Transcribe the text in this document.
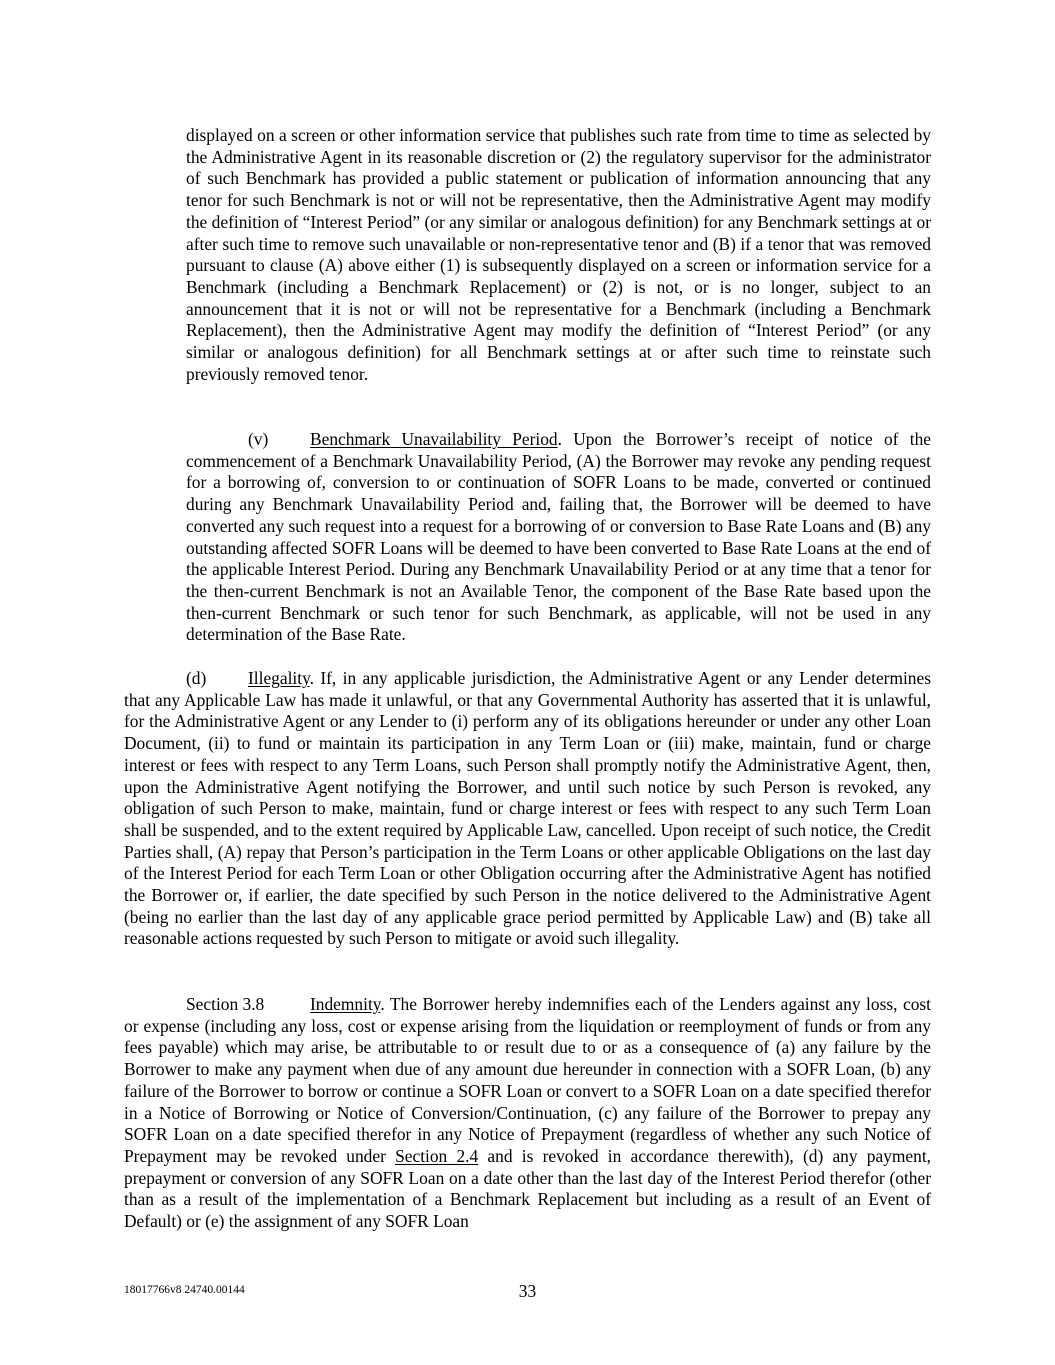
displayed on a screen or other information service that publishes such rate from time to time as selected by the Administrative Agent in its reasonable discretion or (2) the regulatory supervisor for the administrator of such Benchmark has provided a public statement or publication of information announcing that any tenor for such Benchmark is not or will not be representative, then the Administrative Agent may modify the definition of “Interest Period” (or any similar or analogous definition) for any Benchmark settings at or after such time to remove such unavailable or non-representative tenor and (B) if a tenor that was removed pursuant to clause (A) above either (1) is subsequently displayed on a screen or information service for a Benchmark (including a Benchmark Replacement) or (2) is not, or is no longer, subject to an announcement that it is not or will not be representative for a Benchmark (including a Benchmark Replacement), then the Administrative Agent may modify the definition of “Interest Period” (or any similar or analogous definition) for all Benchmark settings at or after such time to reinstate such previously removed tenor.

(v) Benchmark Unavailability Period. Upon the Borrower’s receipt of notice of the commencement of a Benchmark Unavailability Period, (A) the Borrower may revoke any pending request for a borrowing of, conversion to or continuation of SOFR Loans to be made, converted or continued during any Benchmark Unavailability Period and, failing that, the Borrower will be deemed to have converted any such request into a request for a borrowing of or conversion to Base Rate Loans and (B) any outstanding affected SOFR Loans will be deemed to have been converted to Base Rate Loans at the end of the applicable Interest Period. During any Benchmark Unavailability Period or at any time that a tenor for the then-current Benchmark is not an Available Tenor, the component of the Base Rate based upon the then-current Benchmark or such tenor for such Benchmark, as applicable, will not be used in any determination of the Base Rate.

(d) Illegality. If, in any applicable jurisdiction, the Administrative Agent or any Lender determines that any Applicable Law has made it unlawful, or that any Governmental Authority has asserted that it is unlawful, for the Administrative Agent or any Lender to (i) perform any of its obligations hereunder or under any other Loan Document, (ii) to fund or maintain its participation in any Term Loan or (iii) make, maintain, fund or charge interest or fees with respect to any Term Loans, such Person shall promptly notify the Administrative Agent, then, upon the Administrative Agent notifying the Borrower, and until such notice by such Person is revoked, any obligation of such Person to make, maintain, fund or charge interest or fees with respect to any such Term Loan shall be suspended, and to the extent required by Applicable Law, cancelled. Upon receipt of such notice, the Credit Parties shall, (A) repay that Person’s participation in the Term Loans or other applicable Obligations on the last day of the Interest Period for each Term Loan or other Obligation occurring after the Administrative Agent has notified the Borrower or, if earlier, the date specified by such Person in the notice delivered to the Administrative Agent (being no earlier than the last day of any applicable grace period permitted by Applicable Law) and (B) take all reasonable actions requested by such Person to mitigate or avoid such illegality.

Section 3.8	Indemnity. The Borrower hereby indemnifies each of the Lenders against any loss, cost or expense (including any loss, cost or expense arising from the liquidation or reemployment of funds or from any fees payable) which may arise, be attributable to or result due to or as a consequence of (a) any failure by the Borrower to make any payment when due of any amount due hereunder in connection with a SOFR Loan, (b) any failure of the Borrower to borrow or continue a SOFR Loan or convert to a SOFR Loan on a date specified therefor in a Notice of Borrowing or Notice of Conversion/Continuation, (c) any failure of the Borrower to prepay any SOFR Loan on a date specified therefor in any Notice of Prepayment (regardless of whether any such Notice of Prepayment may be revoked under Section 2.4 and is revoked in accordance therewith), (d) any payment, prepayment or conversion of any SOFR Loan on a date other than the last day of the Interest Period therefor (other than as a result of the implementation of a Benchmark Replacement but including as a result of an Event of Default) or (e) the assignment of any SOFR Loan

18017766v8 24740.00144	33
